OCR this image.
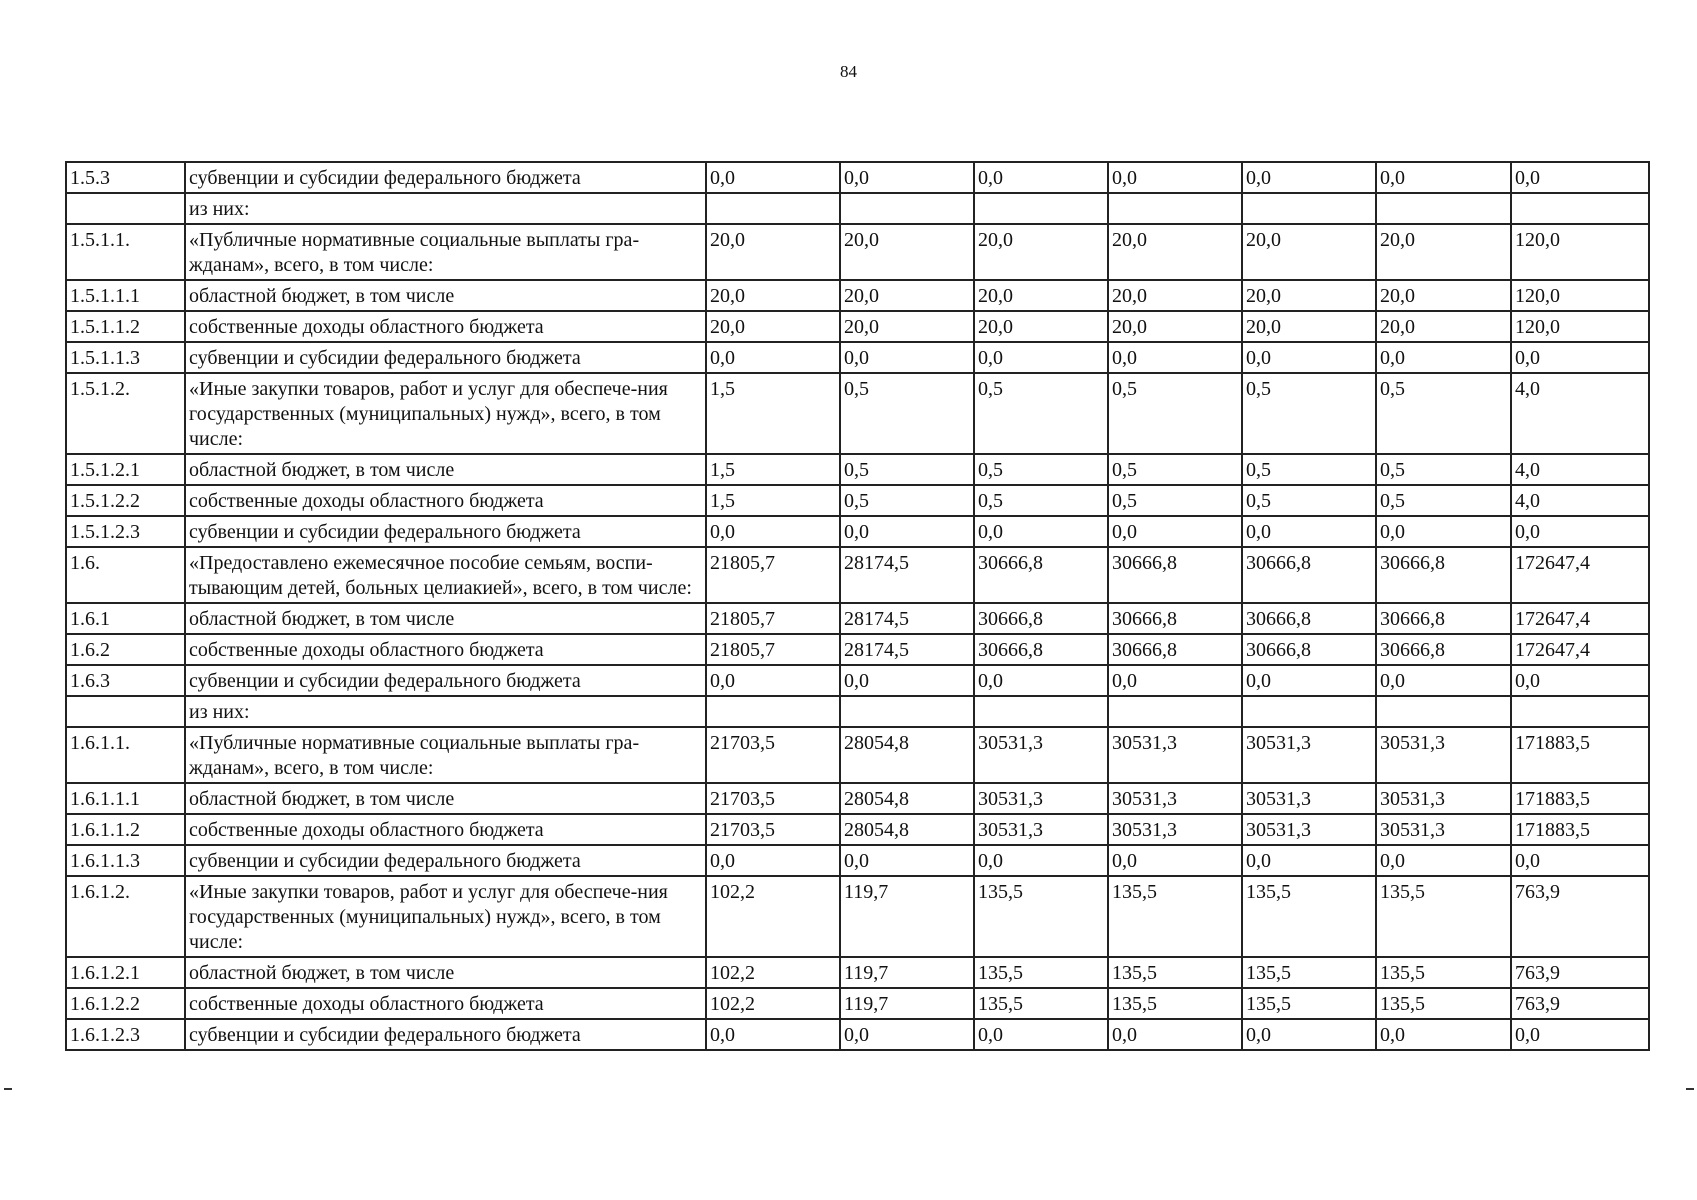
84
1.5.3	субвенции и субсидии федерального бюджета	0,0	0,0	0,0	0,0	0,0	0,0	0,0
	из них:							
1.5.1.1.	«Публичные нормативные социальные выплаты гра-жданам», всего, в том числе:	20,0	20,0	20,0	20,0	20,0	20,0	120,0
1.5.1.1.1	областной бюджет, в том числе	20,0	20,0	20,0	20,0	20,0	20,0	120,0
1.5.1.1.2	собственные доходы областного бюджета	20,0	20,0	20,0	20,0	20,0	20,0	120,0
1.5.1.1.3	субвенции и субсидии федерального бюджета	0,0	0,0	0,0	0,0	0,0	0,0	0,0
1.5.1.2.	«Иные закупки товаров, работ и услуг для обеспече-ния государственных (муниципальных) нужд», всего, в том числе:	1,5	0,5	0,5	0,5	0,5	0,5	4,0
1.5.1.2.1	областной бюджет, в том числе	1,5	0,5	0,5	0,5	0,5	0,5	4,0
1.5.1.2.2	собственные доходы областного бюджета	1,5	0,5	0,5	0,5	0,5	0,5	4,0
1.5.1.2.3	субвенции и субсидии федерального бюджета	0,0	0,0	0,0	0,0	0,0	0,0	0,0
1.6.	«Предоставлено ежемесячное пособие семьям, воспи-тывающим детей, больных целиакией», всего, в том числе:	21805,7	28174,5	30666,8	30666,8	30666,8	30666,8	172647,4
1.6.1	областной бюджет, в том числе	21805,7	28174,5	30666,8	30666,8	30666,8	30666,8	172647,4
1.6.2	собственные доходы областного бюджета	21805,7	28174,5	30666,8	30666,8	30666,8	30666,8	172647,4
1.6.3	субвенции и субсидии федерального бюджета	0,0	0,0	0,0	0,0	0,0	0,0	0,0
	из них:							
1.6.1.1.	«Публичные нормативные социальные выплаты гра-жданам», всего, в том числе:	21703,5	28054,8	30531,3	30531,3	30531,3	30531,3	171883,5
1.6.1.1.1	областной бюджет, в том числе	21703,5	28054,8	30531,3	30531,3	30531,3	30531,3	171883,5
1.6.1.1.2	собственные доходы областного бюджета	21703,5	28054,8	30531,3	30531,3	30531,3	30531,3	171883,5
1.6.1.1.3	субвенции и субсидии федерального бюджета	0,0	0,0	0,0	0,0	0,0	0,0	0,0
1.6.1.2.	«Иные закупки товаров, работ и услуг для обеспече-ния государственных (муниципальных) нужд», всего, в том числе:	102,2	119,7	135,5	135,5	135,5	135,5	763,9
1.6.1.2.1	областной бюджет, в том числе	102,2	119,7	135,5	135,5	135,5	135,5	763,9
1.6.1.2.2	собственные доходы областного бюджета	102,2	119,7	135,5	135,5	135,5	135,5	763,9
1.6.1.2.3	субвенции и субсидии федерального бюджета	0,0	0,0	0,0	0,0	0,0	0,0	0,0
